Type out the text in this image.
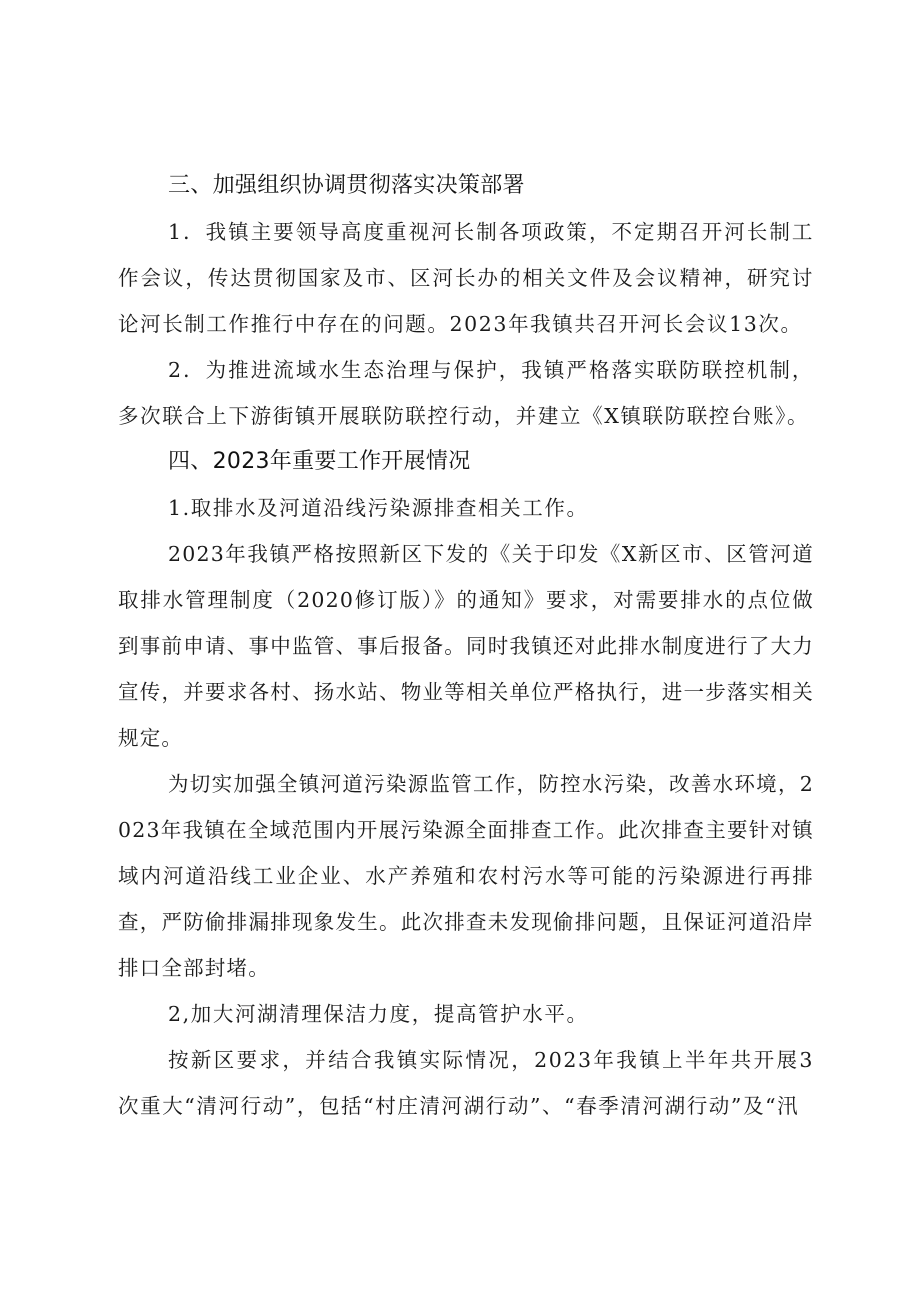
三、加强组织协调贯彻落实决策部署

1．我镇主要领导高度重视河长制各项政策，不定期召开河长制工作会议，传达贯彻国家及市、区河长办的相关文件及会议精神，研究讨论河长制工作推行中存在的问题。2023年我镇共召开河长会议13次。

2．为推进流域水生态治理与保护，我镇严格落实联防联控机制，多次联合上下游街镇开展联防联控行动，并建立《X镇联防联控台账》。

四、2023年重要工作开展情况

1.取排水及河道沿线污染源排查相关工作。

2023年我镇严格按照新区下发的《关于印发《X新区市、区管河道取排水管理制度（2020修订版）》的通知》要求，对需要排水的点位做到事前申请、事中监管、事后报备。同时我镇还对此排水制度进行了大力宣传，并要求各村、扬水站、物业等相关单位严格执行，进一步落实相关规定。

为切实加强全镇河道污染源监管工作，防控水污染，改善水环境，2023年我镇在全域范围内开展污染源全面排查工作。此次排查主要针对镇域内河道沿线工业企业、水产养殖和农村污水等可能的污染源进行再排查，严防偷排漏排现象发生。此次排查未发现偷排问题，且保证河道沿岸排口全部封堵。

2,加大河湖清理保洁力度，提高管护水平。

按新区要求，并结合我镇实际情况，2023年我镇上半年共开展3次重大“清河行动”，包括“村庄清河湖行动”、“春季清河湖行动”及“汛
